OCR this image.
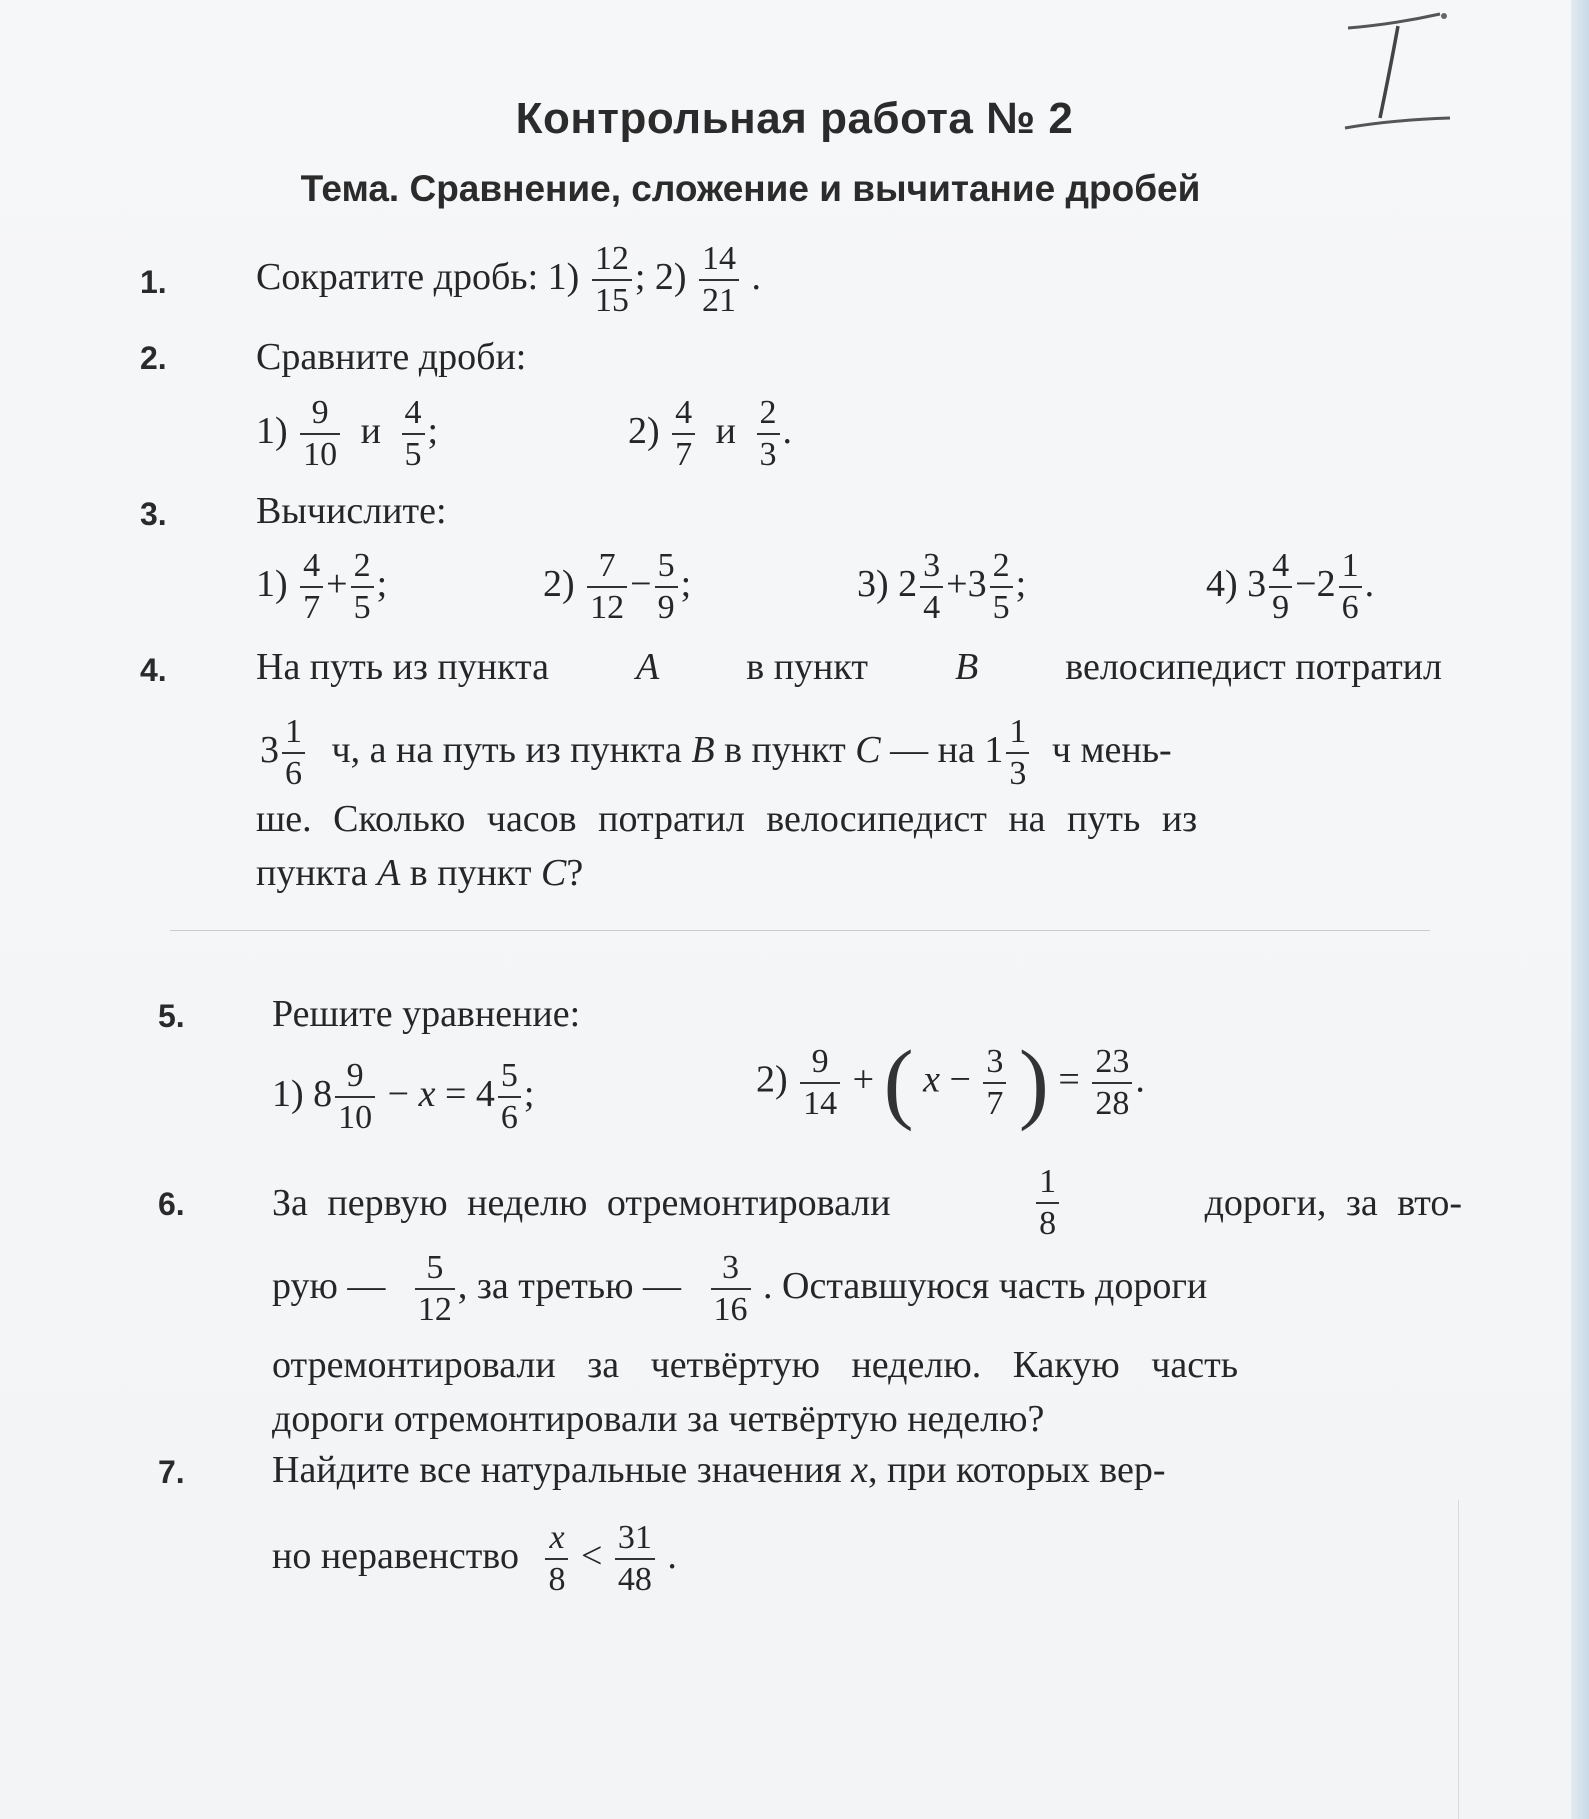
Контрольная работа № 2
Тема. Сравнение, сложение и вычитание дробей
1. Сократите дробь: $1) \frac{12}{15}$ ; $2) \frac{14}{21}$ .
2. Сравните дроби:
$1) \frac{9}{10}$ и $\frac{4}{5}$ ;	$2) \frac{4}{7}$ и $\frac{2}{3}$ .
3. Вычислите:
$1) \frac{4}{7} + \frac{2}{5}$ ;	$2) \frac{7}{12} - \frac{5}{9}$ ;	3) $2 \frac{3}{4} +3 \frac{2}{5}$ ;	4) $3 \frac{4}{9} -2 \frac{1}{6}$ .
4. На путь из пункта A в пункт B велосипедист потратил
$3 \frac{1}{6} ч$, а на путь из пункта B в пункт C — на $1 \frac{1}{3}$ ч мень-
ше. Сколько часов потратил велосипедист на путь из
пункта A в пункт C?
5. Решите уравнение:
1) $8 \frac{9}{10} - x = 4 \frac{5}{6}$ ;	$2) \frac{9}{14}$ + ( $x - \frac{3}{7}$ ) = $\frac{23}{28}$ .
6. За первую неделю отремонтировали	$\frac{1}{8}$	дороги, за вто-
рую — $\frac{5}{12}$ , за третью — $\frac{3}{16}$ . Оставшуюся часть дороги
отремонтировали за четвёртую неделю. Какую часть
дороги отремонтировали за четвёртую неделю?
7. Найдите все натуральные значения x, при которых вер-
но неравенство $\frac{x}{8} < \frac{31}{48}$ .
